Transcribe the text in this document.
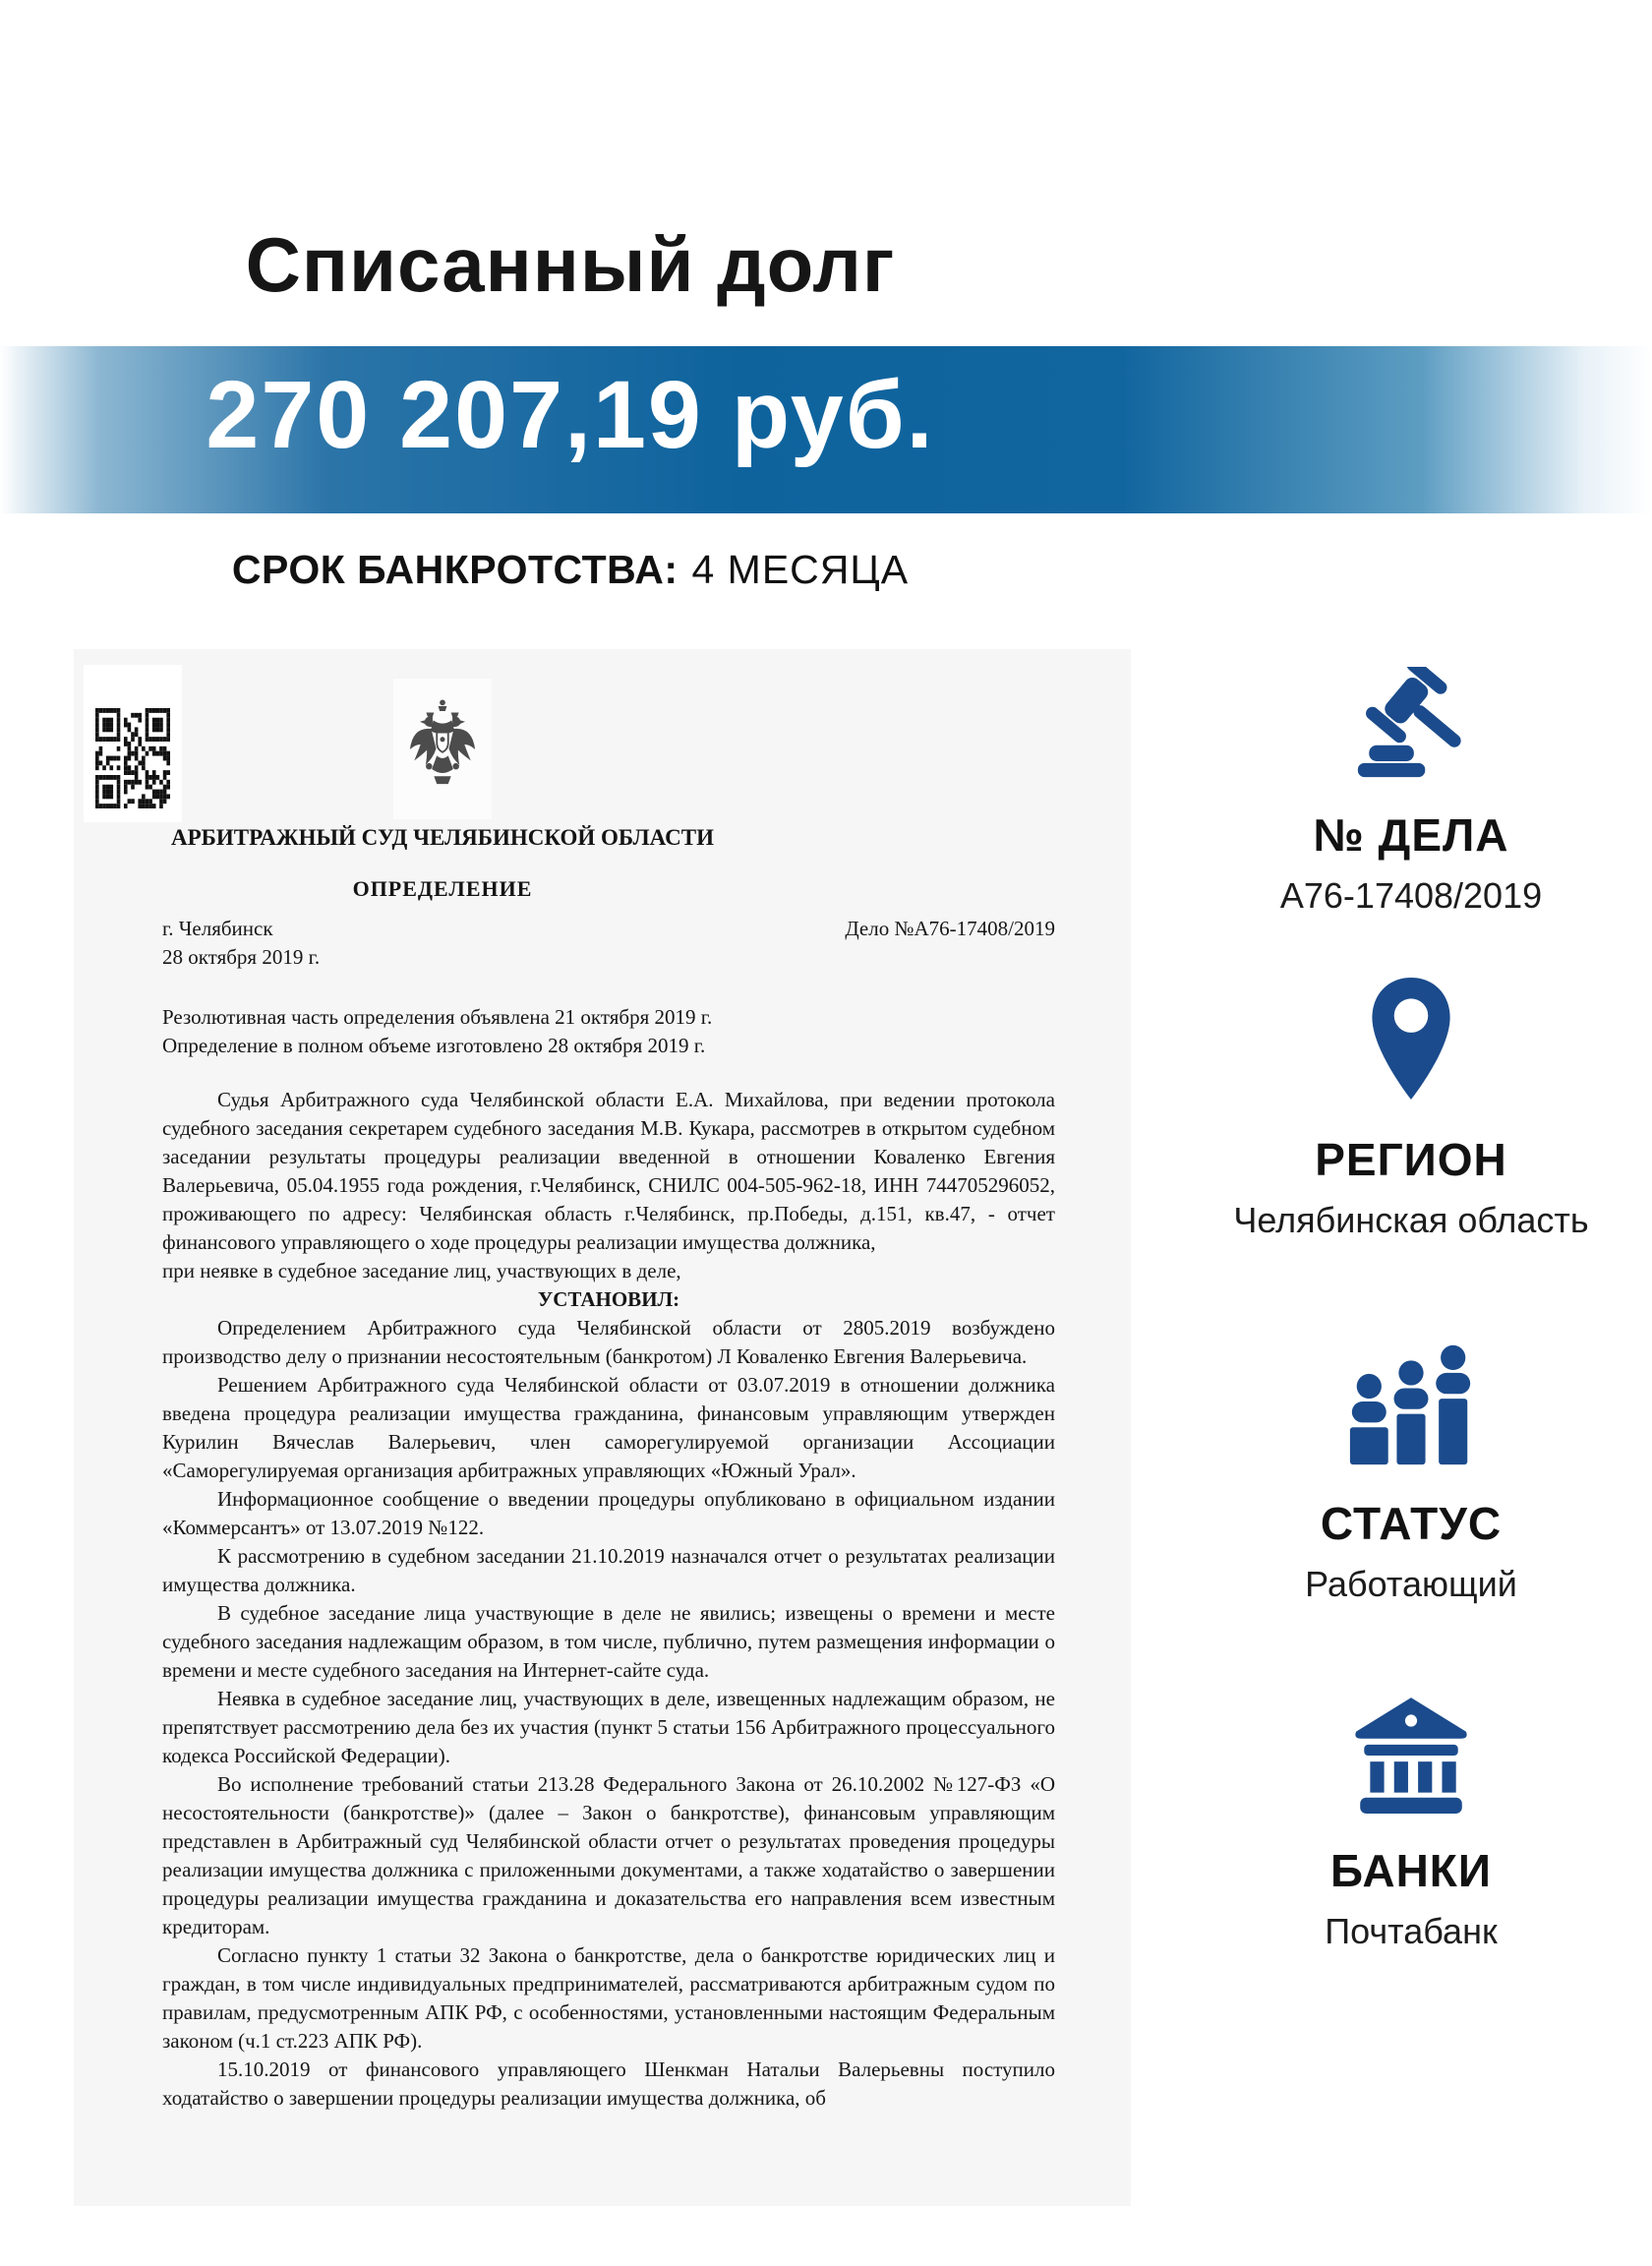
Списанный долг
270 207,19 руб.
СРОК БАНКРОТСТВА: 4 МЕСЯЦА
АРБИТРАЖНЫЙ СУД ЧЕЛЯБИНСКОЙ ОБЛАСТИ
ОПРЕДЕЛЕНИЕ
г. Челябинск
28 октября 2019 г.
Дело №А76-17408/2019
Резолютивная часть определения объявлена 21 октября 2019 г.
Определение в полном объеме изготовлено 28 октября 2019 г.

Судья Арбитражного суда Челябинской области Е.А. Михайлова, при ведении протокола судебного заседания секретарем судебного заседания М.В. Кукара, рассмотрев в открытом судебном заседании результаты процедуры реализации введенной в отношении Коваленко Евгения Валерьевича, 05.04.1955 года рождения, г.Челябинск, СНИЛС 004-505-962-18, ИНН 744705296052, проживающего по адресу: Челябинская область г.Челябинск, пр.Победы, д.151, кв.47, - отчет финансового управляющего о ходе процедуры реализации имущества должника,

при неявке в судебное заседание лиц, участвующих в деле,

УСТАНОВИЛ:

Определением Арбитражного суда Челябинской области от 2805.2019 возбуждено производство делу о признании несостоятельным (банкротом) Л Коваленко Евгения Валерьевича.

Решением Арбитражного суда Челябинской области от 03.07.2019 в отношении должника введена процедура реализации имущества гражданина, финансовым управляющим утвержден Курилин Вячеслав Валерьевич, член саморегулируемой организации Ассоциации «Саморегулируемая организация арбитражных управляющих «Южный Урал».

Информационное сообщение о введении процедуры опубликовано в официальном издании «Коммерсантъ» от 13.07.2019 №122.

К рассмотрению в судебном заседании 21.10.2019 назначался отчет о результатах реализации имущества должника.

В судебное заседание лица участвующие в деле не явились; извещены о времени и месте судебного заседания надлежащим образом, в том числе, публично, путем размещения информации о времени и месте судебного заседания на Интернет-сайте суда.

Неявка в судебное заседание лиц, участвующих в деле, извещенных надлежащим образом, не препятствует рассмотрению дела без их участия (пункт 5 статьи 156 Арбитражного процессуального кодекса Российской Федерации).

Во исполнение требований статьи 213.28 Федерального Закона от 26.10.2002 №127-ФЗ «О несостоятельности (банкротстве)» (далее – Закон о банкротстве), финансовым управляющим представлен в Арбитражный суд Челябинской области отчет о результатах проведения процедуры реализации имущества должника с приложенными документами, а также ходатайство о завершении процедуры реализации имущества гражданина и доказательства его направления всем известным кредиторам.

Согласно пункту 1 статьи 32 Закона о банкротстве, дела о банкротстве юридических лиц и граждан, в том числе индивидуальных предпринимателей, рассматриваются арбитражным судом по правилам, предусмотренным АПК РФ, с особенностями, установленными настоящим Федеральным законом (ч.1 ст.223 АПК РФ).

15.10.2019 от финансового управляющего Шенкман Натальи Валерьевны поступило ходатайство о завершении процедуры реализации имущества должника, об

№ ДЕЛА
А76-17408/2019
РЕГИОН
Челябинская область
СТАТУС
Работающий
БАНКИ
Почтабанк
